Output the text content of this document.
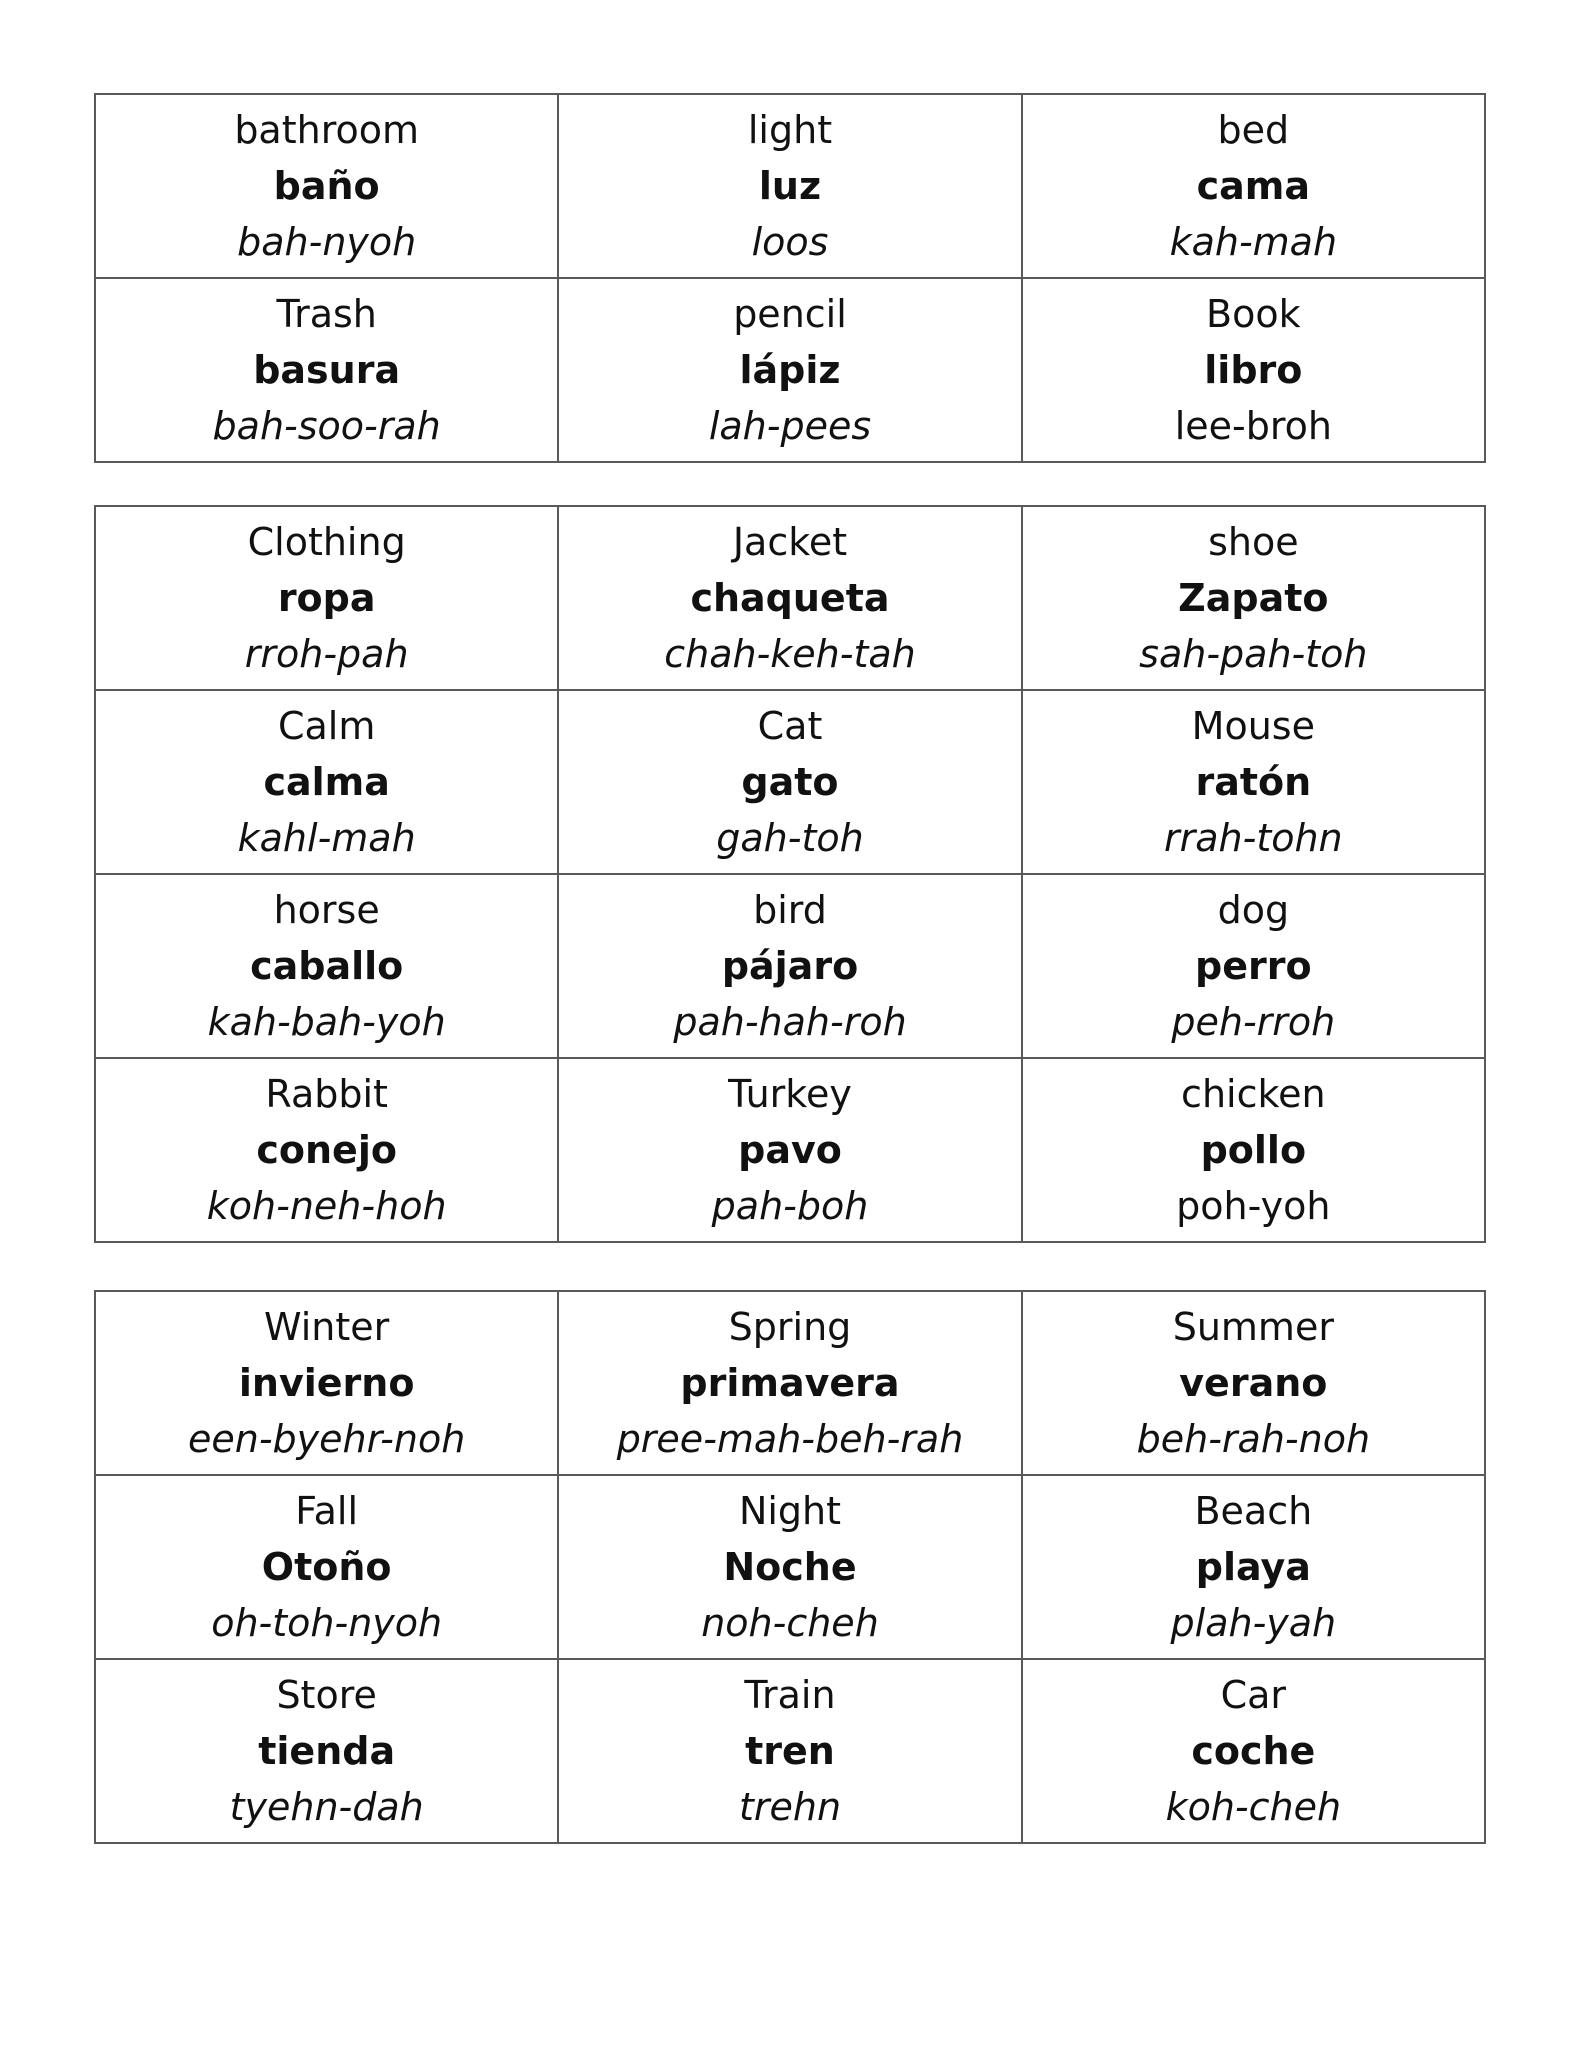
bathroom
baño
bah-nyoh	light
luz
loos	bed
cama
kah-mah

Trash
basura
bah-soo-rah	pencil
lápiz
lah-pees	Book
libro
lee-broh
Clothing
ropa
rroh-pah	Jacket
chaqueta
chah-keh-tah	shoe
Zapato
sah-pah-toh

Calm
calma
kahl-mah	Cat
gato
gah-toh	Mouse
ratón
rrah-tohn

horse
caballo
kah-bah-yoh	bird
pájaro
pah-hah-roh	dog
perro
peh-rroh

Rabbit
conejo
koh-neh-hoh	Turkey
pavo
pah-boh	chicken
pollo
poh-yoh
Winter
invierno
een-byehr-noh	Spring
primavera
pree-mah-beh-rah	Summer
verano
beh-rah-noh

Fall
Otoño
oh-toh-nyoh	Night
Noche
noh-cheh	Beach
playa
plah-yah

Store
tienda
tyehn-dah	Train
tren
trehn	Car
coche
koh-cheh
